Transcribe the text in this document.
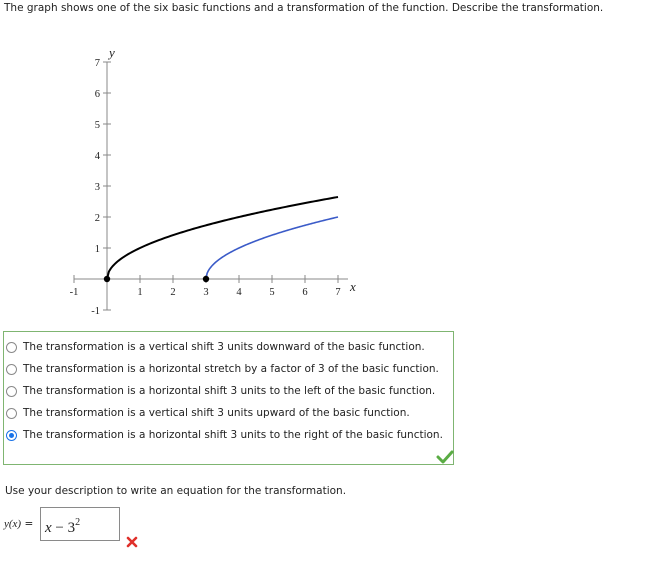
The graph shows one of the six basic functions and a transformation of the function. Describe the transformation.
-1	1	2	3	4	5	6	7
-1
1
2
3
4
5
6
7
x
y
The transformation is a vertical shift 3 units downward of the basic function.
The transformation is a horizontal stretch by a factor of 3 of the basic function.
The transformation is a horizontal shift 3 units to the left of the basic function.
The transformation is a vertical shift 3 units upward of the basic function.
The transformation is a horizontal shift 3 units to the right of the basic function.
Use your description to write an equation for the transformation.
$y(x) = x - 3^2$
